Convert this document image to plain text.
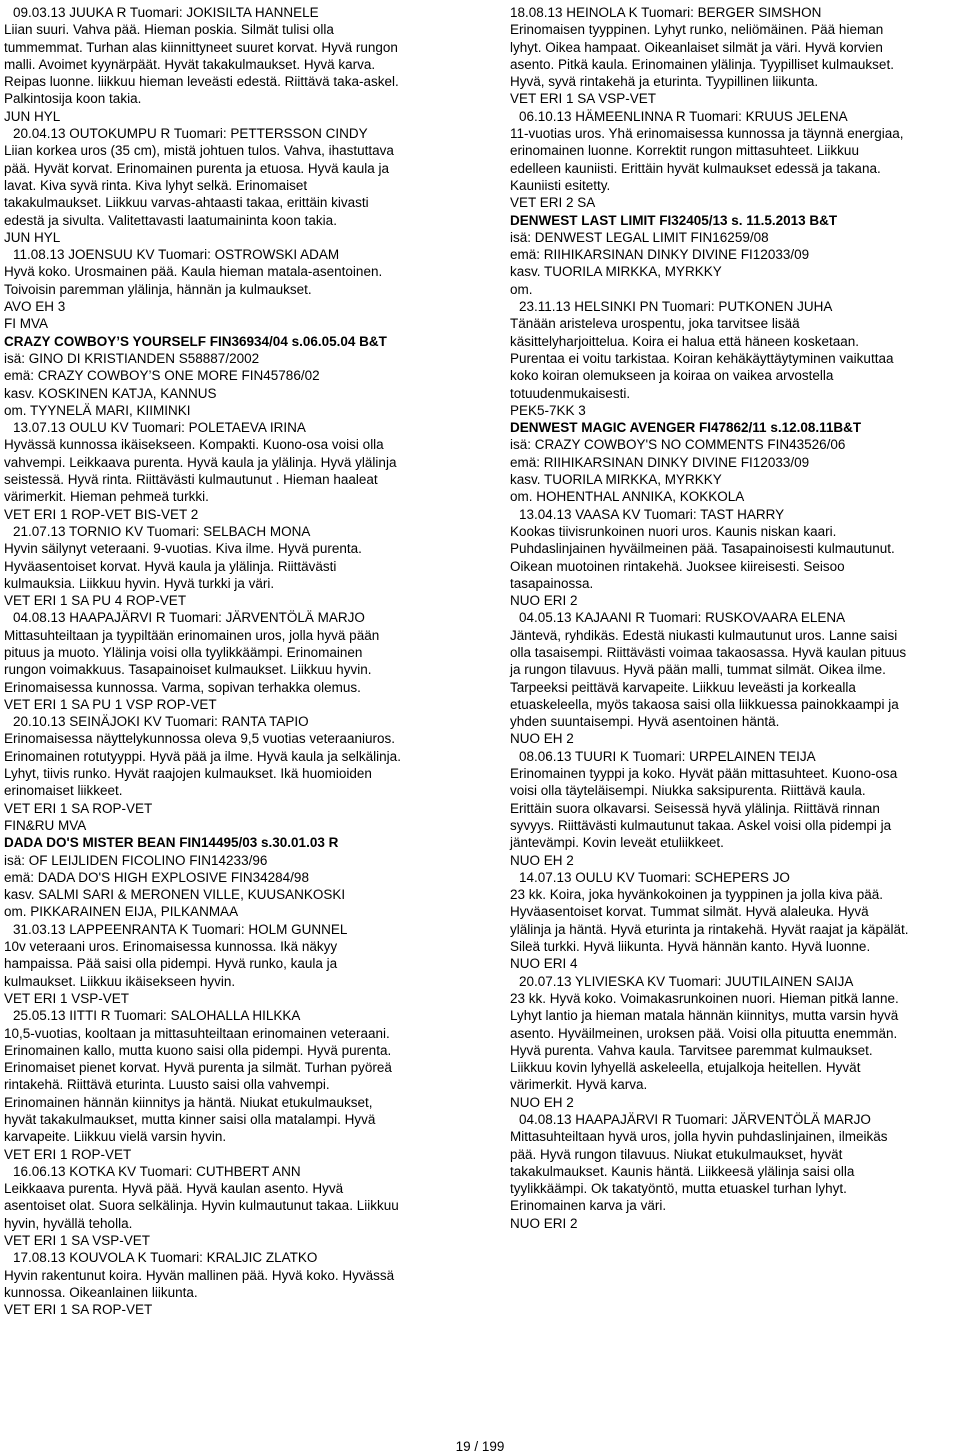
09.03.13 JUUKA R Tuomari: JOKISILTA HANNELE
Liian suuri. Vahva pää. Hieman poskia. Silmät tulisi olla
tummemmat. Turhan alas kiinnittyneet suuret korvat. Hyvä rungon
malli. Avoimet kyynärpäät. Hyvät takakulmaukset. Hyvä karva.
Reipas luonne. liikkuu hieman leveästi edestä. Riittävä taka-askel.
Palkintosija koon takia.
JUN HYL
20.04.13 OUTOKUMPU R Tuomari: PETTERSSON CINDY
Liian korkea uros (35 cm), mistä johtuen tulos. Vahva, ihastuttava
pää. Hyvät korvat. Erinomainen purenta ja etuosa. Hyvä kaula ja
lavat. Kiva syvä rinta. Kiva lyhyt selkä. Erinomaiset
takakulmaukset. Liikkuu varvas-ahtaasti takaa, erittäin kivasti
edestä ja sivulta. Valitettavasti laatumaininta koon takia.
JUN HYL
11.08.13 JOENSUU KV Tuomari: OSTROWSKI ADAM
Hyvä koko. Urosmainen pää. Kaula hieman matala-asentoinen.
Toivoisin paremman ylälinja, hännän ja kulmaukset.
AVO EH 3
FI MVA
CRAZY COWBOY’S YOURSELF FIN36934/04 s.06.05.04 B&T
isä: GINO DI KRISTIANDEN S58887/2002
emä: CRAZY COWBOY’S ONE MORE FIN45786/02
kasv. KOSKINEN KATJA, KANNUS
om. TYYNELÄ MARI, KIIMINKI
13.07.13 OULU KV Tuomari: POLETAEVA IRINA
Hyvässä kunnossa ikäisekseen. Kompakti. Kuono-osa voisi olla
vahvempi. Leikkaava purenta. Hyvä kaula ja ylälinja. Hyvä ylälinja
seistessä. Hyvä rinta. Riittävästi kulmautunut . Hieman haaleat
värimerkit. Hieman pehmeä turkki.
VET ERI 1 ROP-VET BIS-VET 2
21.07.13 TORNIO KV Tuomari: SELBACH MONA
Hyvin säilynyt veteraani. 9-vuotias. Kiva ilme. Hyvä purenta.
Hyväasentoiset korvat. Hyvä kaula ja ylälinja. Riittävästi
kulmauksia. Liikkuu hyvin. Hyvä turkki ja väri.
VET ERI 1 SA PU 4 ROP-VET
04.08.13 HAAPAJÄRVI R Tuomari: JÄRVENTÖLÄ MARJO
Mittasuhteiltaan ja tyypiltään erinomainen uros, jolla hyvä pään
pituus ja muoto. Ylälinja voisi olla tyylikkäämpi. Erinomainen
rungon voimakkuus. Tasapainoiset kulmaukset. Liikkuu hyvin.
Erinomaisessa kunnossa. Varma, sopivan terhakka olemus.
VET ERI 1 SA PU 1 VSP ROP-VET
20.10.13 SEINÄJOKI KV Tuomari: RANTA TAPIO
Erinomaisessa näyttelykunnossa oleva 9,5 vuotias veteraaniuros.
Erinomainen rotutyyppi. Hyvä pää ja ilme. Hyvä kaula ja selkälinja.
Lyhyt, tiivis runko. Hyvät raajojen kulmaukset. Ikä huomioiden
erinomaiset liikkeet.
VET ERI 1 SA ROP-VET
FIN&RU MVA
DADA DO'S MISTER BEAN FIN14495/03 s.30.01.03 R
isä: OF LEIJLIDEN FICOLINO FIN14233/96
emä: DADA DO'S HIGH EXPLOSIVE FIN34284/98
kasv. SALMI SARI & MERONEN VILLE, KUUSANKOSKI
om. PIKKARAINEN EIJA, PILKANMAA
31.03.13 LAPPEENRANTA K Tuomari: HOLM GUNNEL
10v veteraani uros. Erinomaisessa kunnossa. Ikä näkyy
hampaissa. Pää saisi olla pidempi. Hyvä runko, kaula ja
kulmaukset. Liikkuu ikäisekseen hyvin.
VET ERI 1 VSP-VET
25.05.13 IITTI R Tuomari: SALOHALLA HILKKA
10,5-vuotias, kooltaan ja mittasuhteiltaan erinomainen veteraani.
Erinomainen kallo, mutta kuono saisi olla pidempi. Hyvä purenta.
Erinomaiset pienet korvat. Hyvä purenta ja silmät. Turhan pyöreä
rintakehä. Riittävä eturinta. Luusto saisi olla vahvempi.
Erinomainen hännän kiinnitys ja häntä. Niukat etukulmaukset,
hyvät takakulmaukset, mutta kinner saisi olla matalampi. Hyvä
karvapeite. Liikkuu vielä varsin hyvin.
VET ERI 1 ROP-VET
16.06.13 KOTKA KV Tuomari: CUTHBERT ANN
Leikkaava purenta. Hyvä pää. Hyvä kaulan asento. Hyvä
asentoiset olat. Suora selkälinja. Hyvin kulmautunut takaa. Liikkuu
hyvin, hyvällä teholla.
VET ERI 1 SA VSP-VET
17.08.13 KOUVOLA K Tuomari: KRALJIC ZLATKO
Hyvin rakentunut koira. Hyvän mallinen pää. Hyvä koko. Hyvässä
kunnossa. Oikeanlainen liikunta.
VET ERI 1 SA ROP-VET
18.08.13 HEINOLA K Tuomari: BERGER SIMSHON
Erinomaisen tyyppinen. Lyhyt runko, neliömäinen. Pää hieman
lyhyt. Oikea hampaat. Oikeanlaiset silmät ja väri. Hyvä korvien
asento. Pitkä kaula. Erinomainen ylälinja. Tyypilliset kulmaukset.
Hyvä, syvä rintakehä ja eturinta. Tyypillinen liikunta.
VET ERI 1 SA VSP-VET
06.10.13 HÄMEENLINNA R Tuomari: KRUUS JELENA
11-vuotias uros. Yhä erinomaisessa kunnossa ja täynnä energiaa,
erinomainen luonne. Korrektit rungon mittasuhteet. Liikkuu
edelleen kauniisti. Erittäin hyvät kulmaukset edessä ja takana.
Kauniisti esitetty.
VET ERI 2 SA
DENWEST LAST LIMIT FI32405/13 s. 11.5.2013 B&T
isä: DENWEST LEGAL LIMIT FIN16259/08
emä: RIIHIKARSINAN DINKY DIVINE FI12033/09
kasv. TUORILA MIRKKA, MYRKKY
om.
23.11.13 HELSINKI PN Tuomari: PUTKONEN JUHA
Tänään aristeleva urospentu, joka tarvitsee lisää
käsittelyharjoittelua. Koira ei halua että häneen kosketaan.
Purentaa ei voitu tarkistaa. Koiran kehäkäyttäytyminen vaikuttaa
koko koiran olemukseen ja koiraa on vaikea arvostella
totuudenmukaisesti.
PEK5-7KK 3
DENWEST MAGIC AVENGER FI47862/11 s.12.08.11B&T
isä: CRAZY COWBOY'S NO COMMENTS FIN43526/06
emä: RIIHIKARSINAN DINKY DIVINE FI12033/09
kasv. TUORILA MIRKKA, MYRKKY
om. HOHENTHAL ANNIKA, KOKKOLA
13.04.13 VAASA KV Tuomari: TAST HARRY
Kookas tiivisrunkoinen nuori uros. Kaunis niskan kaari.
Puhdaslinjainen hyväilmeinen pää. Tasapainoisesti kulmautunut.
Oikean muotoinen rintakehä. Juoksee kiireisesti. Seisoo
tasapainossa.
NUO ERI 2
04.05.13 KAJAANI R Tuomari: RUSKOVAARA ELENA
Jäntevä, ryhdikäs. Edestä niukasti kulmautunut uros. Lanne saisi
olla tasaisempi. Riittävästi voimaa takaosassa. Hyvä kaulan pituus
ja rungon tilavuus. Hyvä pään malli, tummat silmät. Oikea ilme.
Tarpeeksi peittävä karvapeite. Liikkuu leveästi ja korkealla
etuaskeleella, myös takaosa saisi olla liikkuessa painokkaampi ja
yhden suuntaisempi. Hyvä asentoinen häntä.
NUO EH 2
08.06.13 TUURI K Tuomari: URPELAINEN TEIJA
Erinomainen tyyppi ja koko. Hyvät pään mittasuhteet. Kuono-osa
voisi olla täyteläisempi. Niukka saksipurenta. Riittävä kaula.
Erittäin suora olkavarsi. Seisessä hyvä ylälinja. Riittävä rinnan
syvyys. Riittävästi kulmautunut takaa. Askel voisi olla pidempi ja
jäntevämpi. Kovin leveät etuliikkeet.
NUO EH 2
14.07.13 OULU KV Tuomari: SCHEPERS JO
23 kk. Koira, joka hyvänkokoinen ja tyyppinen ja jolla kiva pää.
Hyväasentoiset korvat. Tummat silmät. Hyvä alaleuka. Hyvä
ylälinja ja häntä. Hyvä eturinta ja rintakehä. Hyvät raajat ja käpälät.
Sileä turkki. Hyvä liikunta. Hyvä hännän kanto. Hyvä luonne.
NUO ERI 4
20.07.13 YLIVIESKA KV Tuomari: JUUTILAINEN SAIJA
23 kk. Hyvä koko. Voimakasrunkoinen nuori. Hieman pitkä lanne.
Lyhyt lantio ja hieman matala hännän kiinnitys, mutta varsin hyvä
asento. Hyväilmeinen, uroksen pää. Voisi olla pituutta enemmän.
Hyvä purenta. Vahva kaula. Tarvitsee paremmat kulmaukset.
Liikkuu kovin lyhyellä askeleella, etujalkoja heitellen. Hyvät
värimerkit. Hyvä karva.
NUO EH 2
04.08.13 HAAPAJÄRVI R Tuomari: JÄRVENTÖLÄ MARJO
Mittasuhteiltaan hyvä uros, jolla hyvin puhdaslinjainen, ilmeikäs
pää. Hyvä rungon tilavuus. Niukat etukulmaukset, hyvät
takakulmaukset. Kaunis häntä. Liikkeesä ylälinja saisi olla
tyylikkäämpi. Ok takatyöntö, mutta etuaskel turhan lyhyt.
Erinomainen karva ja väri.
NUO ERI 2
19 / 199
